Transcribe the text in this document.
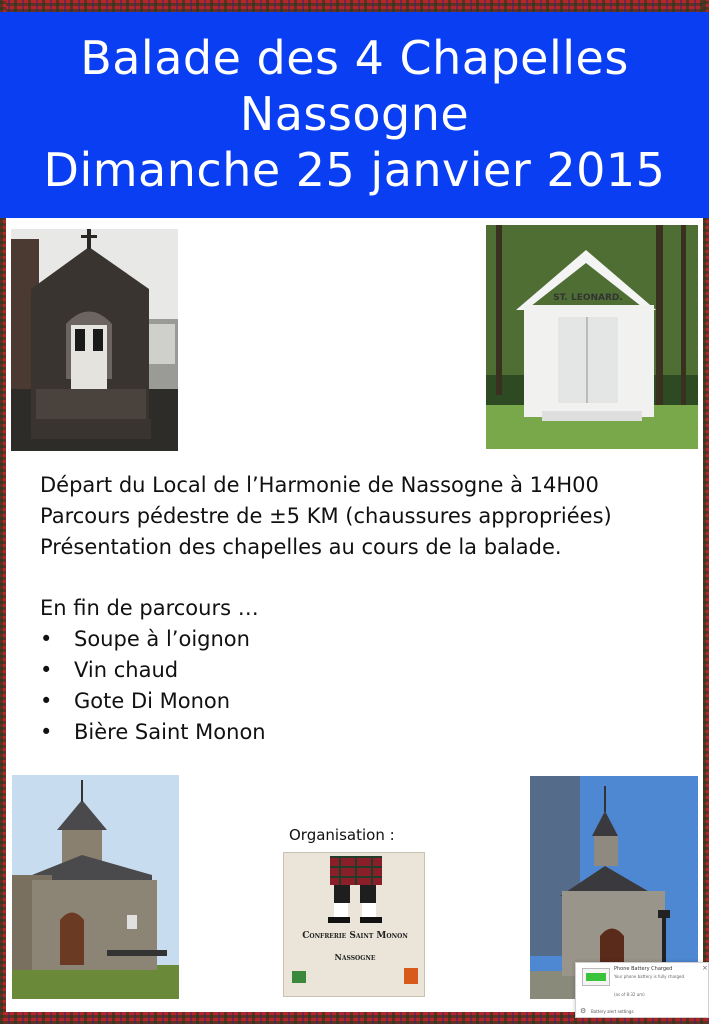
Balade des 4 Chapelles
Nassogne
Dimanche 25 janvier 2015
ST. LEONARD.
Départ du Local de l’Harmonie de Nassogne à 14H00
Parcours pédestre de ±5 KM (chaussures appropriées)
Présentation des chapelles au cours de la balade.
En fin de parcours …
•	Soupe à l’oignon
•	Vin chaud
•	Gote Di Monon
•	Bière Saint Monon
Organisation :
Confrerie Saint Monon
Nassogne
Phone Battery Charged
Your phone battery is fully charged.
(as of 8:32 am)
×
⚙ Battery alert settings
